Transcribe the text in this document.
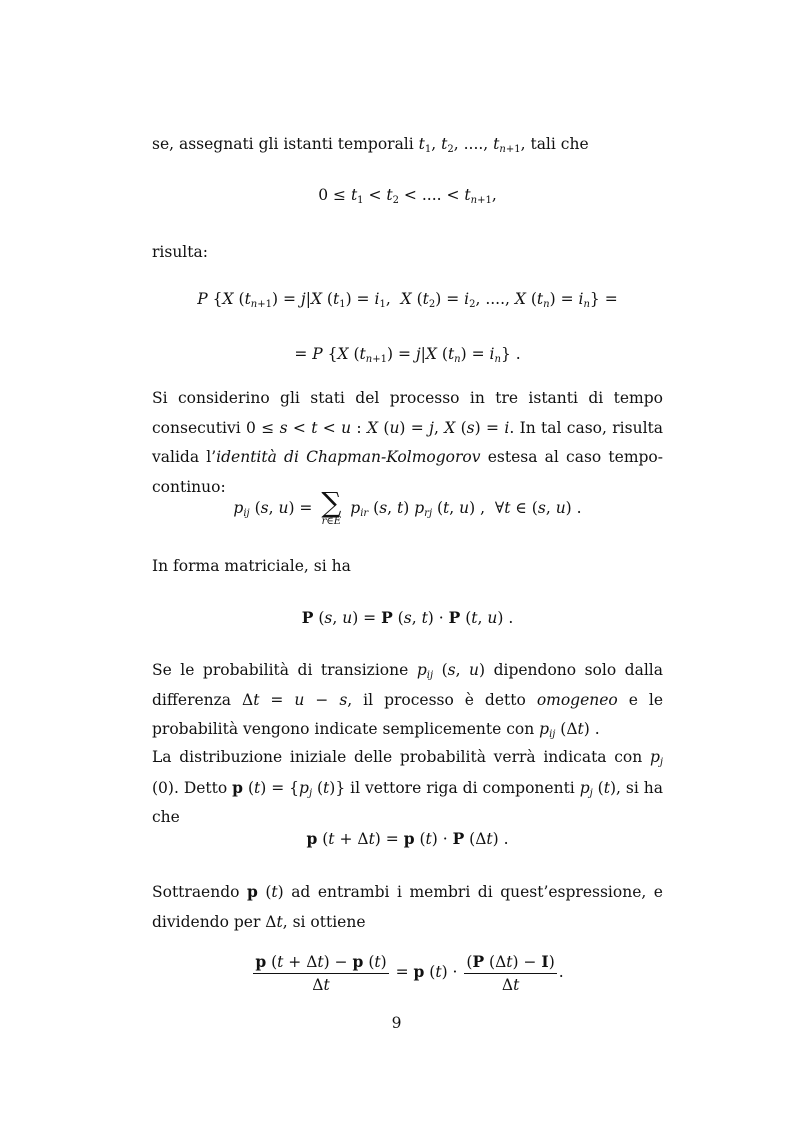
se, assegnati gli istanti temporali $t_1$, $t_2$, ...., $t_{n+1}$, tali che

$0 \le t_1 < t_2$ < .... < $t_{n+1}$,

risulta:

P {X $(t_{n+1}) = j|X$ $(t_1) = i_1$,  X $(t_2) = i_2$, ...., X $(t_n) = i_n$} =
= P {X $(t_{n+1}) = j|X$ $(t_n) = i_n$} .

Si considerino gli stati del processo in tre istanti di tempo consecutivi 0 ≤ s < t < u : X (u) = j, X (s) = i. In tal caso, risulta valida l’identità di Chapman-Kolmogorov estesa al caso tempo-continuo:

$p_{ij}$ (s, u) = ∑
r∈E
$p_{ir}$ (s, t) $p_{rj}$ (t, u) ,  ∀t ∈ (s, u) .

In forma matriciale, si ha

P (s, u) = P (s, t) · P (t, u) .

Se le probabilità di transizione $p_{ij}$ (s, u) dipendono solo dalla differenza Δt = u − s, il processo è detto omogeneo e le probabilità vengono indicate semplicemente con $p_{ij}$ (Δt) .

La distribuzione iniziale delle probabilità verrà indicata con $p_j$ (0). Detto p $(t) = \{p_j$ (t)} il vettore riga di componenti $p_j$ (t), si ha che

p (t + Δt) = p (t) · P (Δt) .

Sottraendo p (t) ad entrambi i membri di quest’espressione, e dividendo per Δt, si ottiene

$\frac{p (t + \Delta t) - p (t)}{\Delta t} = p$ $(t) \cdot \frac{(P (\Delta t) - I)}{\Delta t}$ .
9
